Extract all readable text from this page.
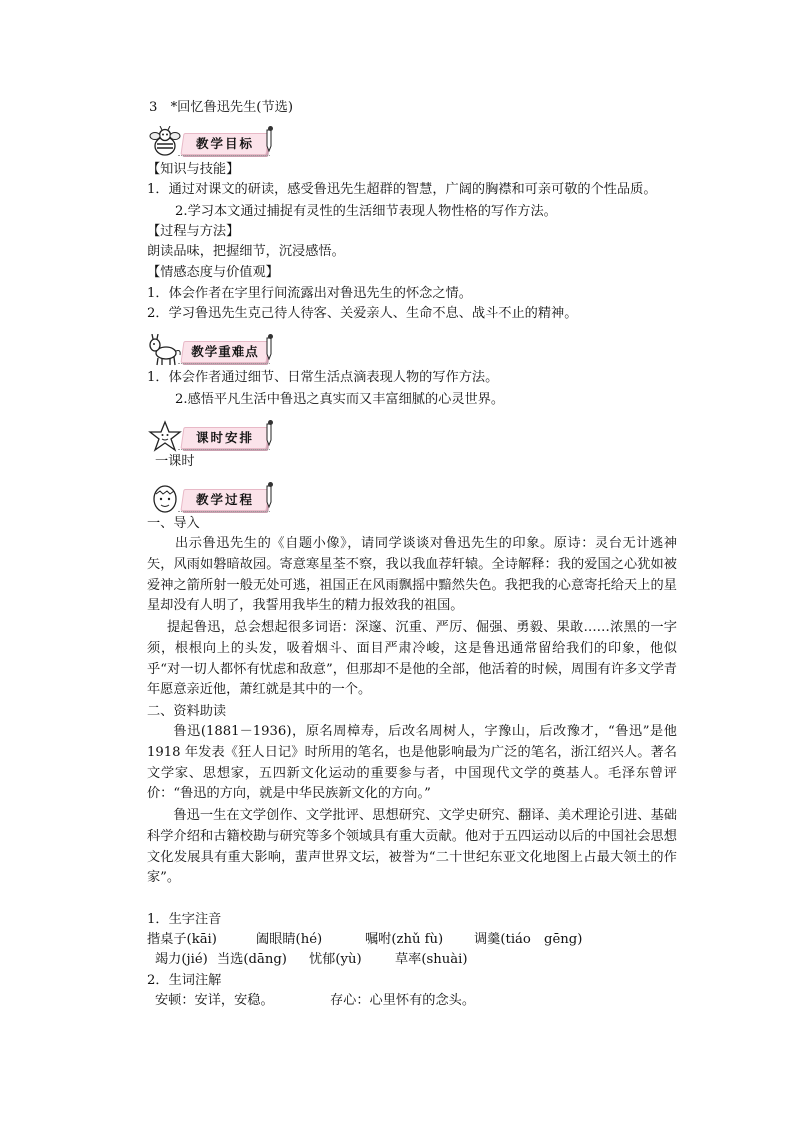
3　*回忆鲁迅先生(节选)
教学目标
【知识与技能】
1．通过对课文的研读，感受鲁迅先生超群的智慧，广阔的胸襟和可亲可敬的个性品质。
2.学习本文通过捕捉有灵性的生活细节表现人物性格的写作方法。
【过程与方法】
朗读品味，把握细节，沉浸感悟。
【情感态度与价值观】
1．体会作者在字里行间流露出对鲁迅先生的怀念之情。
2．学习鲁迅先生克己待人待客、关爱亲人、生命不息、战斗不止的精神。
教学重难点
1．体会作者通过细节、日常生活点滴表现人物的写作方法。
2.感悟平凡生活中鲁迅之真实而又丰富细腻的心灵世界。
课时安排
一课时
教学过程
一、导入
出示鲁迅先生的《自题小像》，请同学谈谈对鲁迅先生的印象。原诗：灵台无计逃神矢，风雨如磐暗故园。寄意寒星荃不察，我以我血荐轩辕。全诗解释：我的爱国之心犹如被爱神之箭所射一般无处可逃，祖国正在风雨飘摇中黯然失色。我把我的心意寄托给天上的星星却没有人明了，我誓用我毕生的精力报效我的祖国。
提起鲁迅，总会想起很多词语：深邃、沉重、严厉、倔强、勇毅、果敢……浓黑的一字须，根根向上的头发，吸着烟斗、面目严肃冷峻，这是鲁迅通常留给我们的印象，他似乎“对一切人都怀有忧虑和敌意”，但那却不是他的全部，他活着的时候，周围有许多文学青年愿意亲近他，萧红就是其中的一个。
二、资料助读
鲁迅(1881－1936)，原名周樟寿，后改名周树人，字豫山，后改豫才，“鲁迅”是他 1918 年发表《狂人日记》时所用的笔名，也是他影响最为广泛的笔名，浙江绍兴人。著名文学家、思想家，五四新文化运动的重要参与者，中国现代文学的奠基人。毛泽东曾评价：“鲁迅的方向，就是中华民族新文化的方向。”
鲁迅一生在文学创作、文学批评、思想研究、文学史研究、翻译、美术理论引进、基础科学介绍和古籍校勘与研究等多个领域具有重大贡献。他对于五四运动以后的中国社会思想文化发展具有重大影响，蜚声世界文坛，被誉为“二十世纪东亚文化地图上占最大领土的作家”。
1．生字注音
揩桌子(kāi)	阖眼睛(hé)	嘱咐(zhǔ fù) 调羹(tiáo　gēng)
竭力(jié) 当选(dāng) 忧郁(yù)	草率(shuài)
2．生词注解
安顿：安详，安稳。	存心：心里怀有的念头。
